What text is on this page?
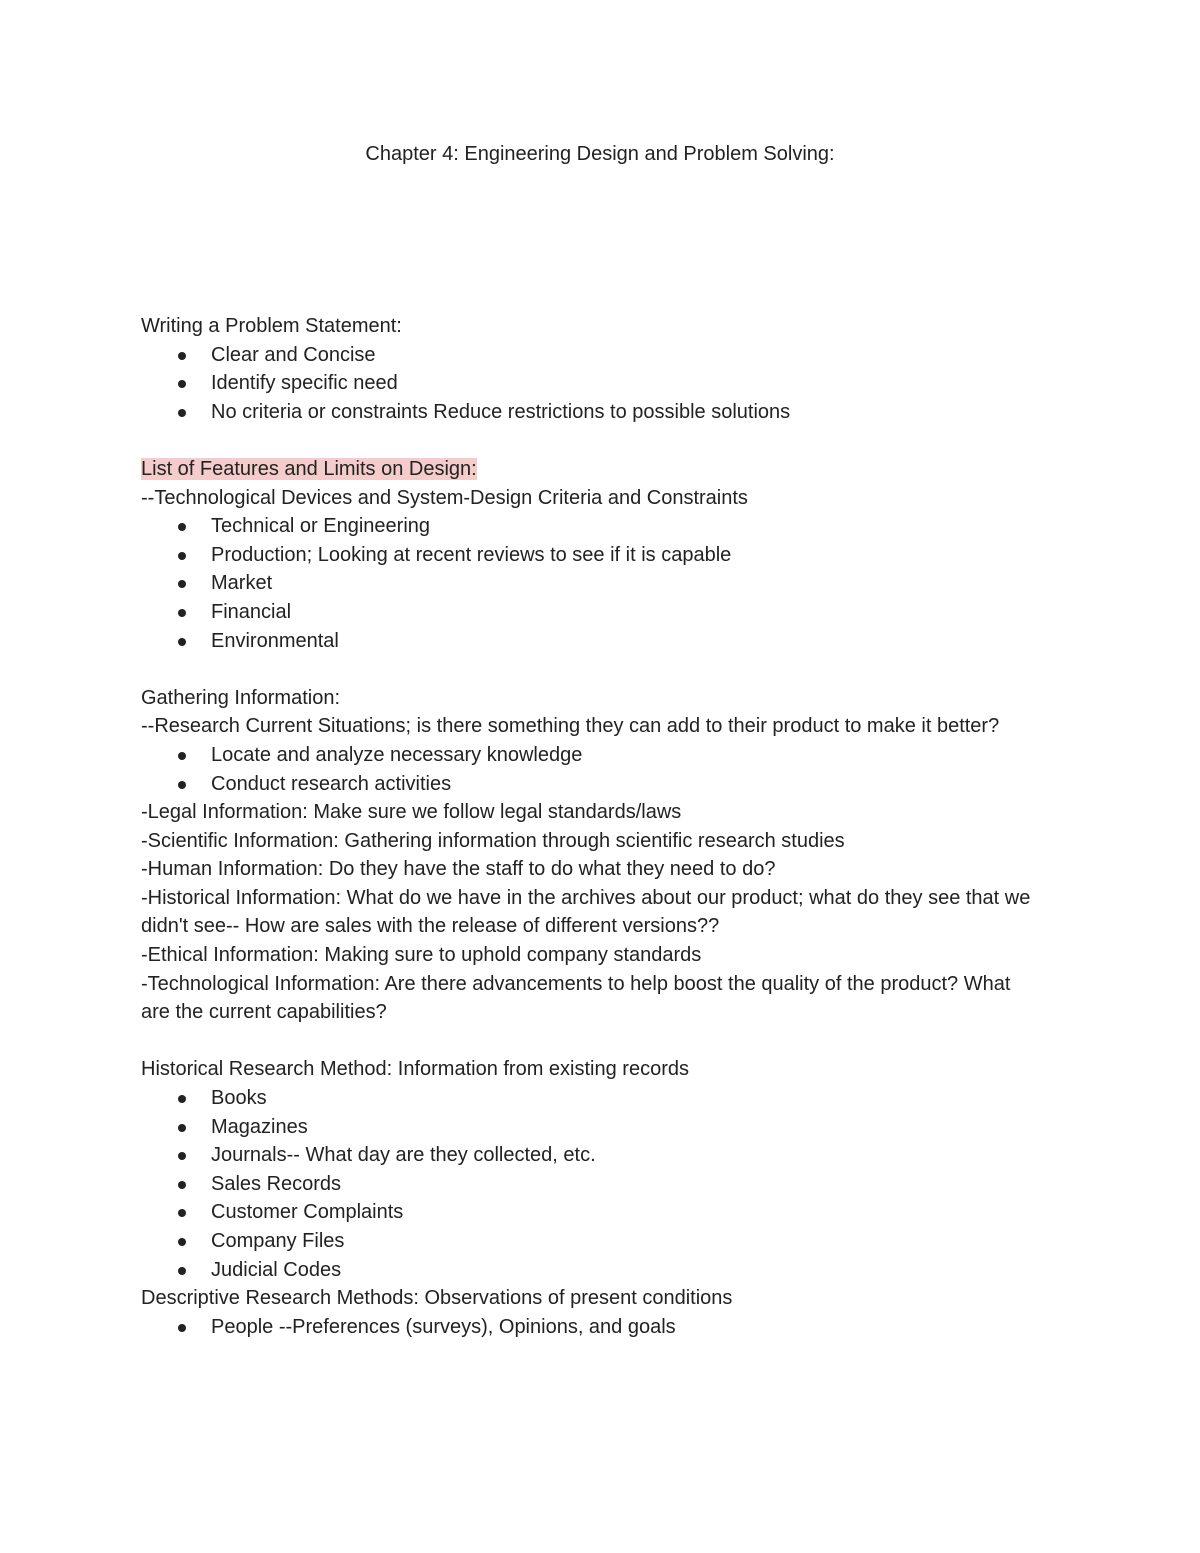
Chapter 4: Engineering Design and Problem Solving:
Writing a Problem Statement:
Clear and Concise
Identify specific need
No criteria or constraints Reduce restrictions to possible solutions
List of Features and Limits on Design:
--Technological Devices and System-Design Criteria and Constraints
Technical or Engineering
Production; Looking at recent reviews to see if it is capable
Market
Financial
Environmental
Gathering Information:
--Research Current Situations; is there something they can add to their product to make it better?
Locate and analyze necessary knowledge
Conduct research activities
-Legal Information: Make sure we follow legal standards/laws
-Scientific Information: Gathering information through scientific research studies
-Human Information: Do they have the staff to do what they need to do?
-Historical Information: What do we have in the archives about our product; what do they see that we didn't see-- How are sales with the release of different versions??
-Ethical Information: Making sure to uphold company standards
-Technological Information: Are there advancements to help boost the quality of the product? What are the current capabilities?
Historical Research Method: Information from existing records
Books
Magazines
Journals-- What day are they collected, etc.
Sales Records
Customer Complaints
Company Files
Judicial Codes
Descriptive Research Methods: Observations of present conditions
People --Preferences (surveys), Opinions, and goals
